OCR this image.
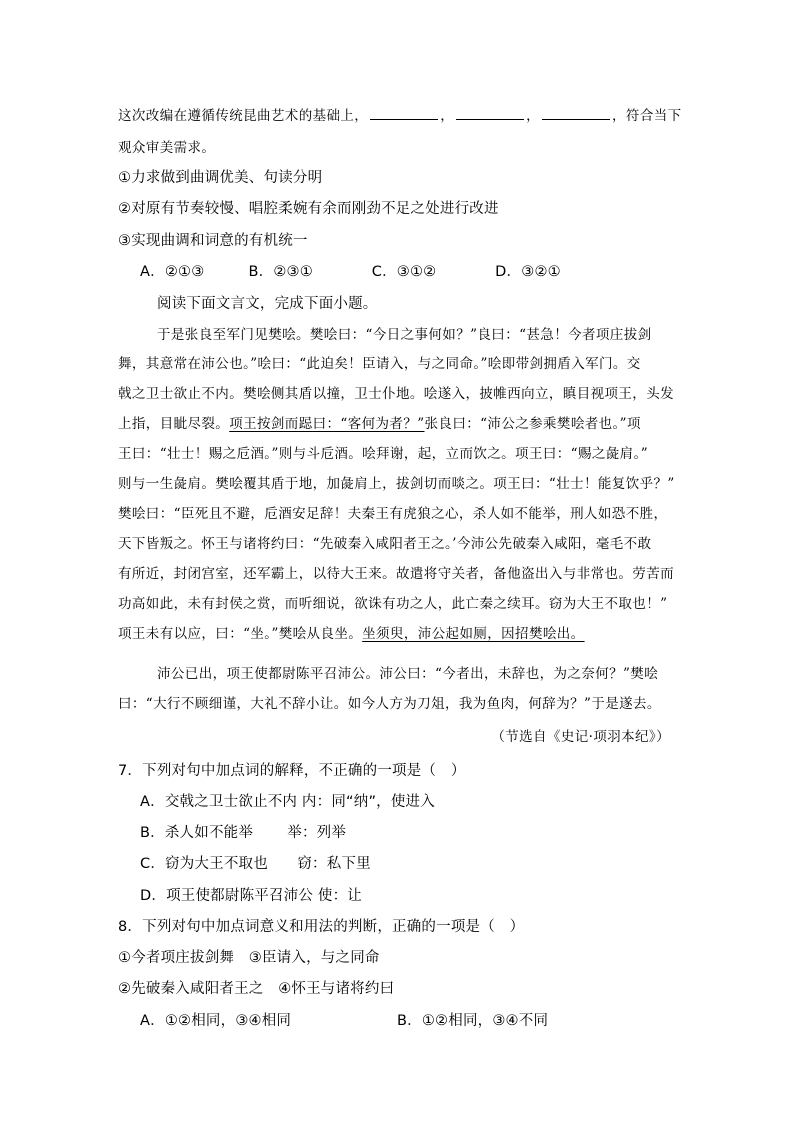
这次改编在遵循传统昆曲艺术的基础上，	，	，	，符合当下
观众审美需求。
①力求做到曲调优美、句读分明
②对原有节奏较慢、唱腔柔婉有余而刚劲不足之处进行改进
③实现曲调和词意的有机统一
A．②①③　　　B．②③①　　　　C．③①②　　　　D．③②①
阅读下面文言文，完成下面小题。
于是张良至军门见樊哙。樊哙曰：“今日之事何如？”良曰：“甚急！今者项庄拔剑
舞，其意常在沛公也。”哙曰：“此迫矣！臣请入，与之同命。”哙即带剑拥盾入军门。交
戟之卫士欲止不内。樊哙侧其盾以撞，卫士仆地。哙遂入，披帷西向立，瞋目视项王，头发
上指，目眦尽裂。项王按剑而跽曰：“客何为者？”张良曰：“沛公之参乘樊哙者也。”项
王曰：“壮士！赐之卮酒。”则与斗卮酒。哙拜谢，起，立而饮之。项王曰：“赐之彘肩。”
则与一生彘肩。樊哙覆其盾于地，加彘肩上，拔剑切而啖之。项王曰：“壮士！能复饮乎？”
樊哙曰：“臣死且不避，卮酒安足辞！夫秦王有虎狼之心，杀人如不能举，刑人如恐不胜，
天下皆叛之。怀王与诸将约曰：“先破秦入咸阳者王之。’今沛公先破秦入咸阳，毫毛不敢
有所近，封闭宫室，还军霸上，以待大王来。故遣将守关者，备他盗出入与非常也。劳苦而
功高如此，未有封侯之赏，而听细说，欲诛有功之人，此亡秦之续耳。窃为大王不取也！”
项王未有以应，曰：“坐。”樊哙从良坐。坐须臾，沛公起如厕，因招樊哙出。
沛公已出，项王使都尉陈平召沛公。沛公曰：“今者出，未辞也，为之奈何？”樊哙
曰：“大行不顾细谨，大礼不辞小让。如今人方为刀俎，我为鱼肉，何辞为？”于是遂去。
（节选自《史记·项羽本纪》）
7．下列对句中加点词的解释，不正确的一项是（　）
A．交戟之卫士欲止不内 内：同“纳”，使进入
B．杀人如不能举　　 举：列举
C．窃为大王不取也　　窃：私下里
D．项王使都尉陈平召沛公 使：让
8．下列对句中加点词意义和用法的判断，正确的一项是（　）
①今者项庄拔剑舞　③臣请入，与之同命
②先破秦入咸阳者王之　④怀王与诸将约曰
A．①②相同，③④相同	B．①②相同，③④不同
